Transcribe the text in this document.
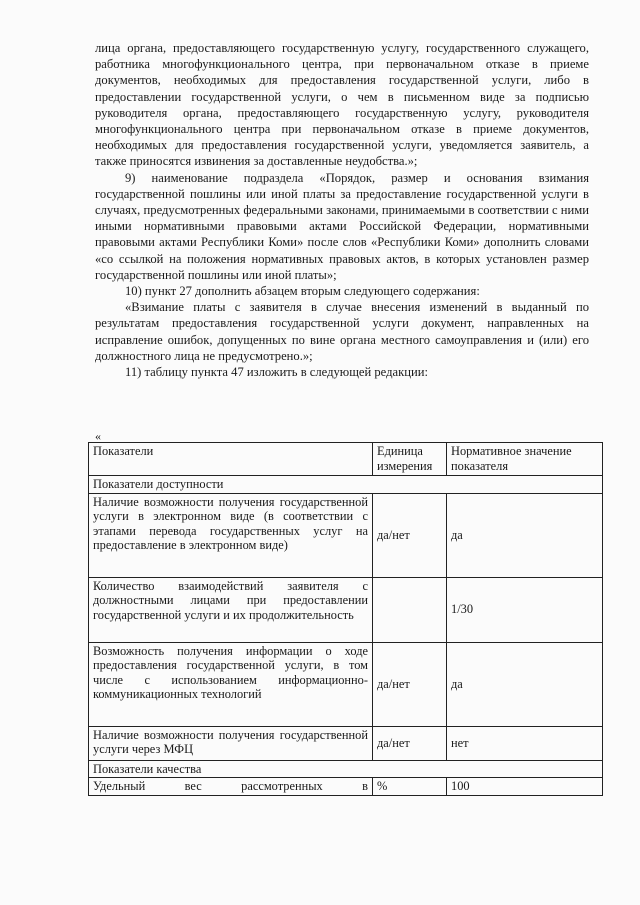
лица органа, предоставляющего государственную услугу, государственного служащего, работника многофункционального центра, при первоначальном отказе в приеме документов, необходимых для предоставления государственной услуги, либо в предоставлении государственной услуги, о чем в письменном виде за подписью руководителя органа, предоставляющего государственную услугу, руководителя многофункционального центра при первоначальном отказе в приеме документов, необходимых для предоставления государственной услуги, уведомляется заявитель, а также приносятся извинения за доставленные неудобства.»;

9) наименование подраздела «Порядок, размер и основания взимания государственной пошлины или иной платы за предоставление государственной услуги в случаях, предусмотренных федеральными законами, принимаемыми в соответствии с ними иными нормативными правовыми актами Российской Федерации, нормативными правовыми актами Республики Коми» после слов «Республики Коми» дополнить словами «со ссылкой на положения нормативных правовых актов, в которых установлен размер государственной пошлины или иной платы»;

10) пункт 27 дополнить абзацем вторым следующего содержания:

«Взимание платы с заявителя в случае внесения изменений в выданный по результатам предоставления государственной услуги документ, направленных на исправление ошибок, допущенных по вине органа местного самоуправления и (или) его должностного лица не предусмотрено.»;

11) таблицу пункта 47 изложить в следующей редакции:

«
Показатели	Единица измерения	Нормативное значение показателя
Показатели доступности		
Наличие возможности получения государственной услуги в электронном виде (в соответствии с этапами перевода государственных услуг на предоставление в электронном виде)	да/нет	да
Количество взаимодействий заявителя с должностными лицами при предоставлении государственной услуги и их продолжительность		1/30
Возможность получения информации о ходе предоставления государственной услуги, в том числе с использованием информационно-коммуникационных технологий	да/нет	да
Наличие возможности получения государственной услуги через МФЦ	да/нет	нет
Показатели качества		
Удельный вес рассмотренных в	%	100
